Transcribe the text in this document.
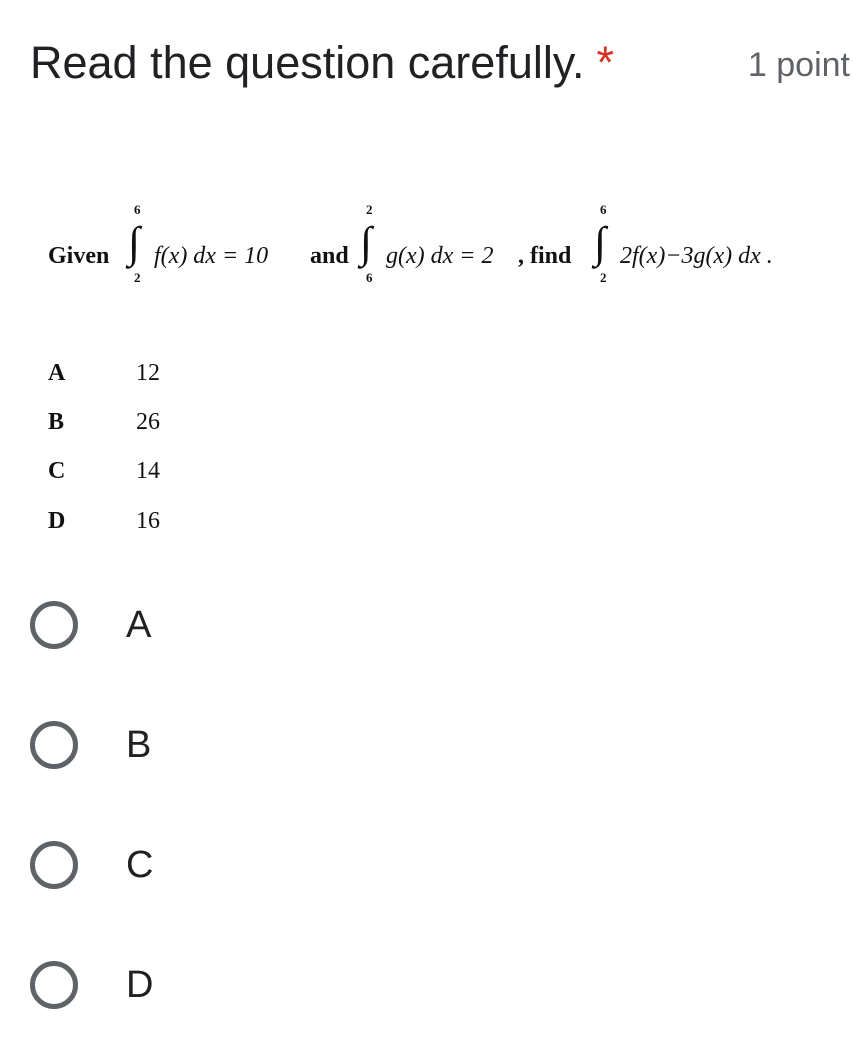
Read the question carefully. *	1 point
Given
6
∫
2
f(x) dx = 10 and
2
∫
6
g(x) dx = 2 , find
6
∫
2
2f(x)−3g(x) dx .
A	12
B	26
C	14
D	16
A
B
C
D
